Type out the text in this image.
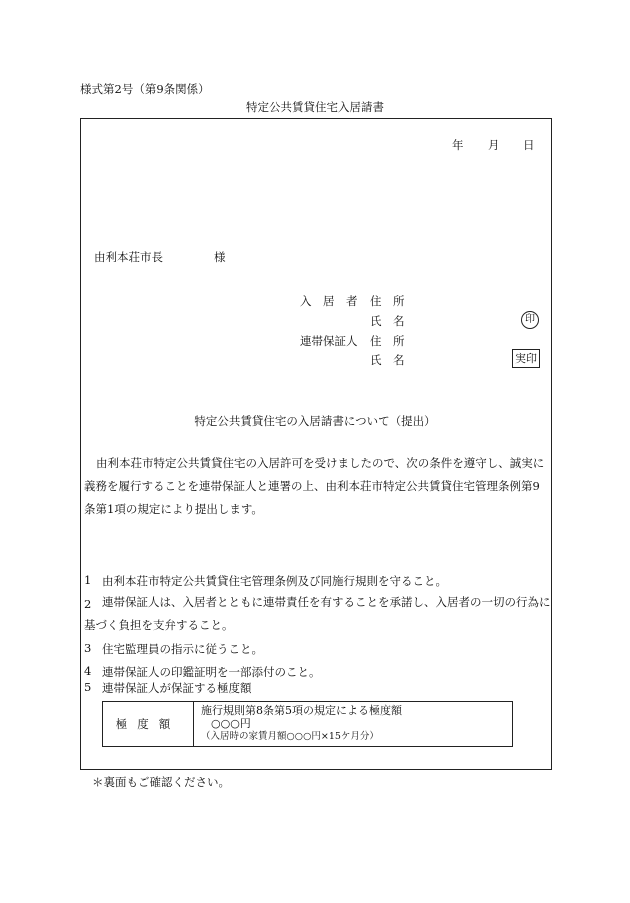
様式第2号（第9条関係）
特定公共賃貸住宅入居請書
年 月 日
由利本荘市長	様
入　居　者 住　所
氏　名	印
連帯保証人 住　所
氏　名	実印
特定公共賃貸住宅の入居請書について（提出）
由利本荘市特定公共賃貸住宅の入居許可を受けましたので、次の条件を遵守し、誠実に義務を履行することを連帯保証人と連署の上、由利本荘市特定公共賃貸住宅管理条例第9条第1項の規定により提出します。
1 由利本荘市特定公共賃貸住宅管理条例及び同施行規則を守ること。
2 連帯保証人は、入居者とともに連帯責任を有することを承諾し、入居者の一切の行為に基づく負担を支弁すること。
3 住宅監理員の指示に従うこと。
4 連帯保証人の印鑑証明を一部添付のこと。
5 連帯保証人が保証する極度額
極度額
施行規則第8条第5項の規定による極度額
○○○円
（入居時の家賃月額○○○円×15ケ月分）
＊裏面もご確認ください。
